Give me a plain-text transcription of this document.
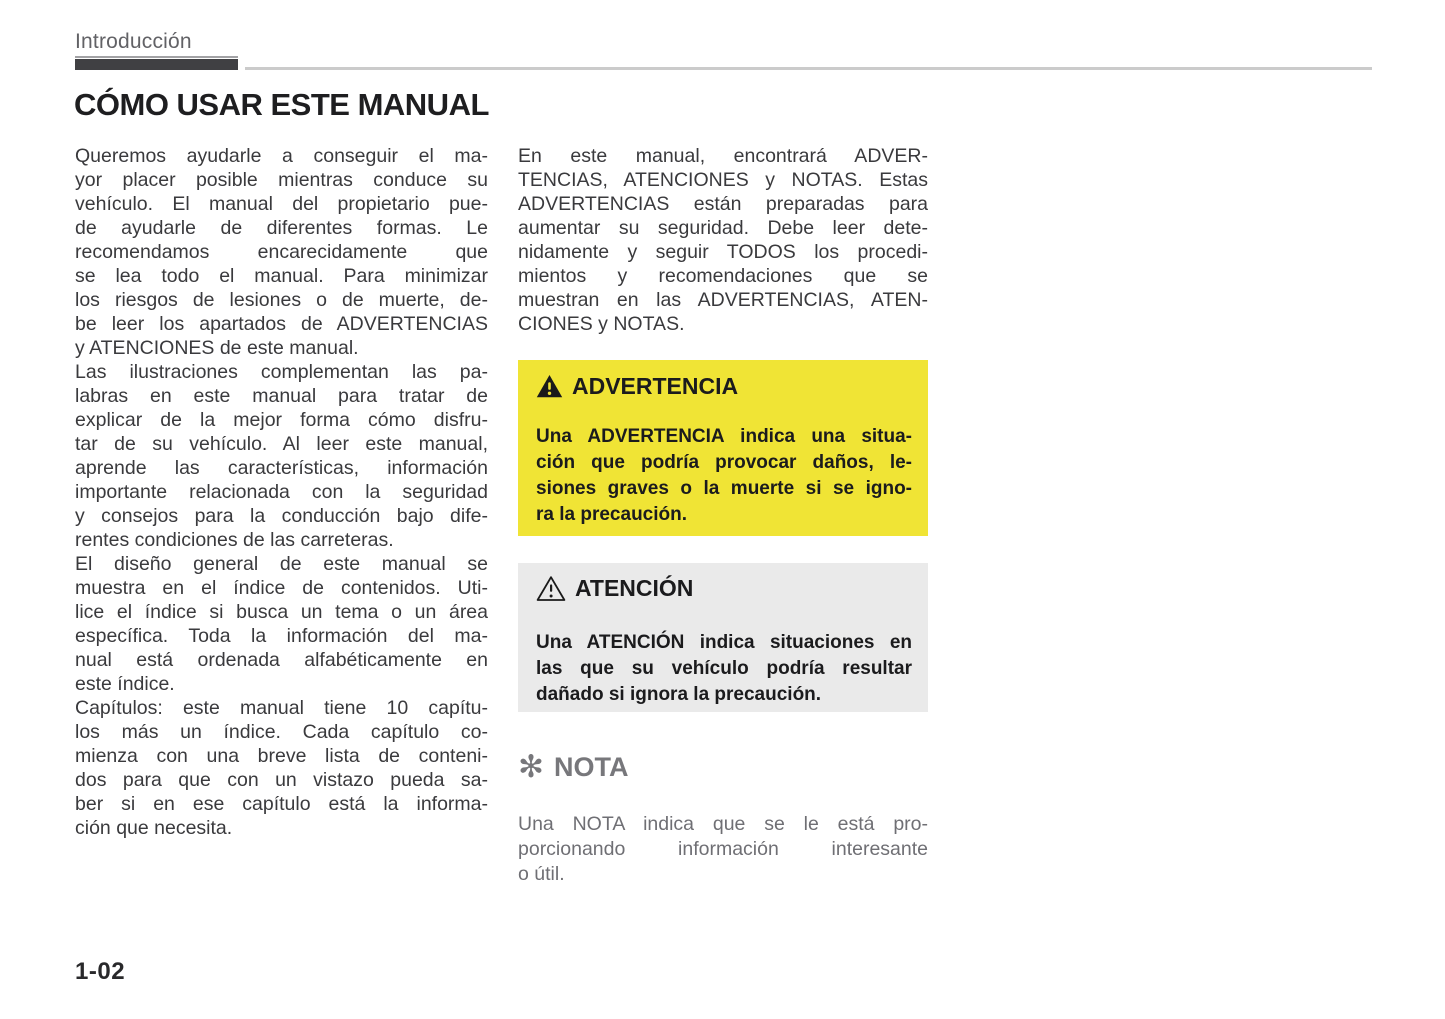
Introducción
CÓMO USAR ESTE MANUAL
Queremos ayudarle a conseguir el ma-
yor placer posible mientras conduce su
vehículo. El manual del propietario pue-
de ayudarle de diferentes formas. Le
recomendamos encarecidamente que
se lea todo el manual. Para minimizar
los riesgos de lesiones o de muerte, de-
be leer los apartados de ADVERTENCIAS
y ATENCIONES de este manual.
Las ilustraciones complementan las pa-
labras en este manual para tratar de
explicar de la mejor forma cómo disfru-
tar de su vehículo. Al leer este manual,
aprende las características, información
importante relacionada con la seguridad
y consejos para la conducción bajo dife-
rentes condiciones de las carreteras.
El diseño general de este manual se
muestra en el índice de contenidos. Uti-
lice el índice si busca un tema o un área
específica. Toda la información del ma-
nual está ordenada alfabéticamente en
este índice.
Capítulos: este manual tiene 10 capítu-
los más un índice. Cada capítulo co-
mienza con una breve lista de conteni-
dos para que con un vistazo pueda sa-
ber si en ese capítulo está la informa-
ción que necesita.
En este manual, encontrará ADVER-
TENCIAS, ATENCIONES y NOTAS. Estas
ADVERTENCIAS están preparadas para
aumentar su seguridad. Debe leer dete-
nidamente y seguir TODOS los procedi-
mientos y recomendaciones que se
muestran en las ADVERTENCIAS, ATEN-
CIONES y NOTAS.
ADVERTENCIA
Una ADVERTENCIA indica una situa-
ción que podría provocar daños, le-
siones graves o la muerte si se igno-
ra la precaución.
ATENCIÓN
Una ATENCIÓN indica situaciones en
las que su vehículo podría resultar
dañado si ignora la precaución.
✻ NOTA
Una NOTA indica que se le está pro-
porcionando información interesante
o útil.
1-02
